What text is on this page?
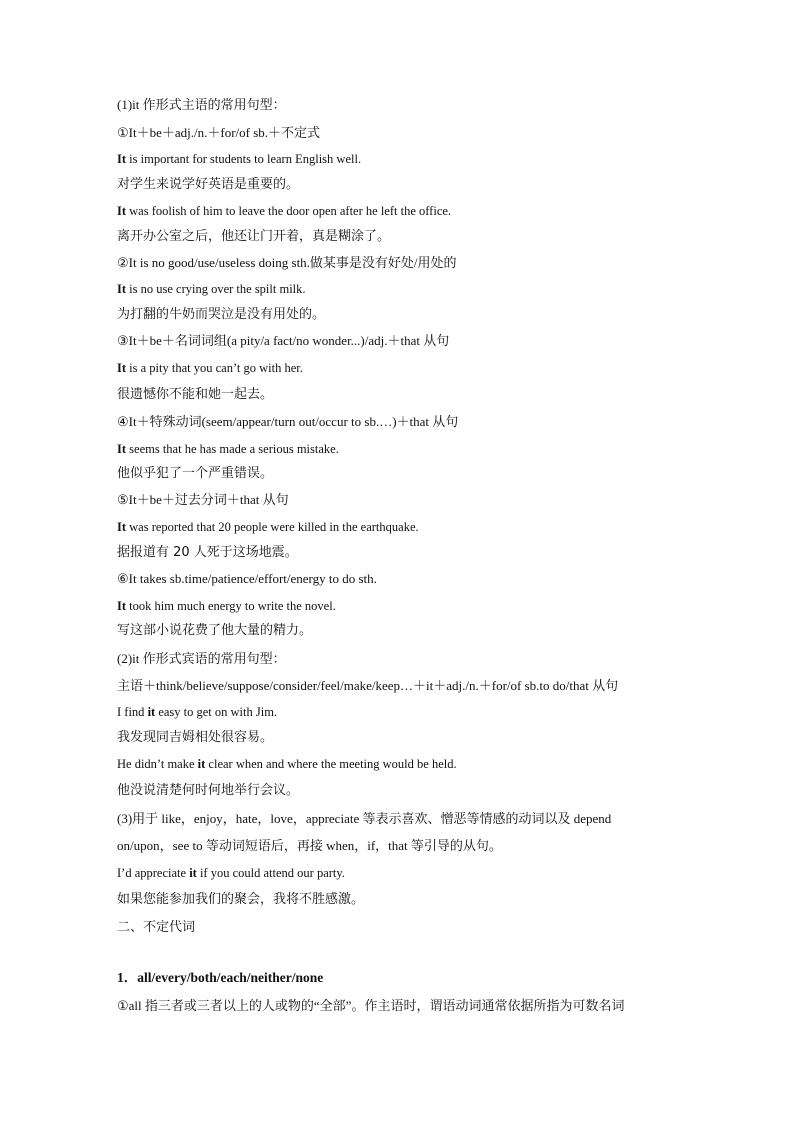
(1)it 作形式主语的常用句型：
①It＋be＋adj./n.＋for/of sb.＋不定式
It is important for students to learn English well.
对学生来说学好英语是重要的。
It was foolish of him to leave the door open after he left the office.
离开办公室之后，他还让门开着，真是糊涂了。
②It is no good/use/useless doing sth.做某事是没有好处/用处的
It is no use crying over the spilt milk.
为打翻的牛奶而哭泣是没有用处的。
③It＋be＋名词词组(a pity/a fact/no wonder...)/adj.＋that 从句
It is a pity that you can’t go with her.
很遗憾你不能和她一起去。
④It＋特殊动词(seem/appear/turn out/occur to sb.…)＋that 从句
It seems that he has made a serious mistake.
他似乎犯了一个严重错误。
⑤It＋be＋过去分词＋that 从句
It was reported that 20 people were killed in the earthquake.
据报道有 20 人死于这场地震。
⑥It takes sb.time/patience/effort/energy to do sth.
It took him much energy to write the novel.
写这部小说花费了他大量的精力。
(2)it 作形式宾语的常用句型：
主语＋think/believe/suppose/consider/feel/make/keep…＋it＋adj./n.＋for/of sb.to do/that 从句
I find it easy to get on with Jim.
我发现同吉姆相处很容易。
He didn’t make it clear when and where the meeting would be held.
他没说清楚何时何地举行会议。
(3)用于 like，enjoy，hate，love，appreciate 等表示喜欢、憎恶等情感的动词以及 depend
on/upon，see to 等动词短语后，再接 when，if，that 等引导的从句。
I’d appreciate it if you could attend our party.
如果您能参加我们的聚会，我将不胜感激。
二、不定代词
1．all/every/both/each/neither/none
①all 指三者或三者以上的人或物的“全部”。作主语时，谓语动词通常依据所指为可数名词
